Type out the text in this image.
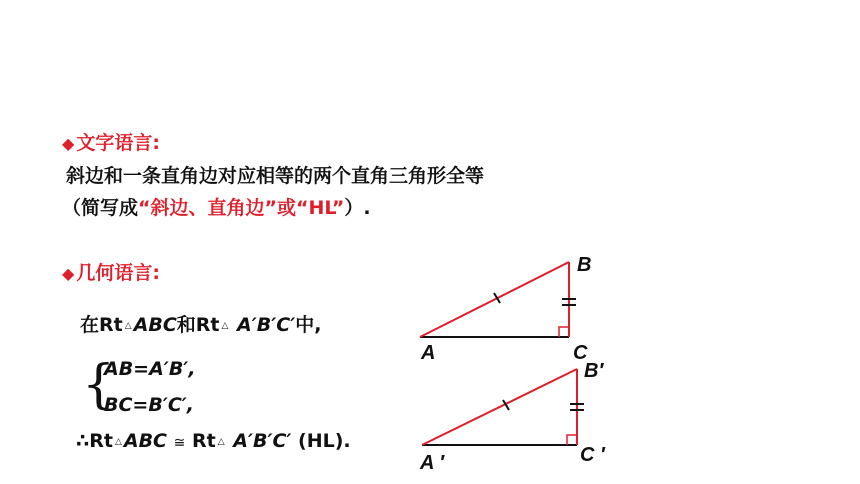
◆ 文字语言:
斜边和一条直角边对应相等的两个直角三角形全等
（简写成“斜边、直角边”或“HL”）.
◆ 几何语言:
在Rt △ ABC和Rt △ A′B′C′中,
{
AB=A′B′,
BC=B′C′,
∴Rt △ ABC ≅ Rt △ A′B′C′ (HL).
B
A	C
B′
A ′	C ′
